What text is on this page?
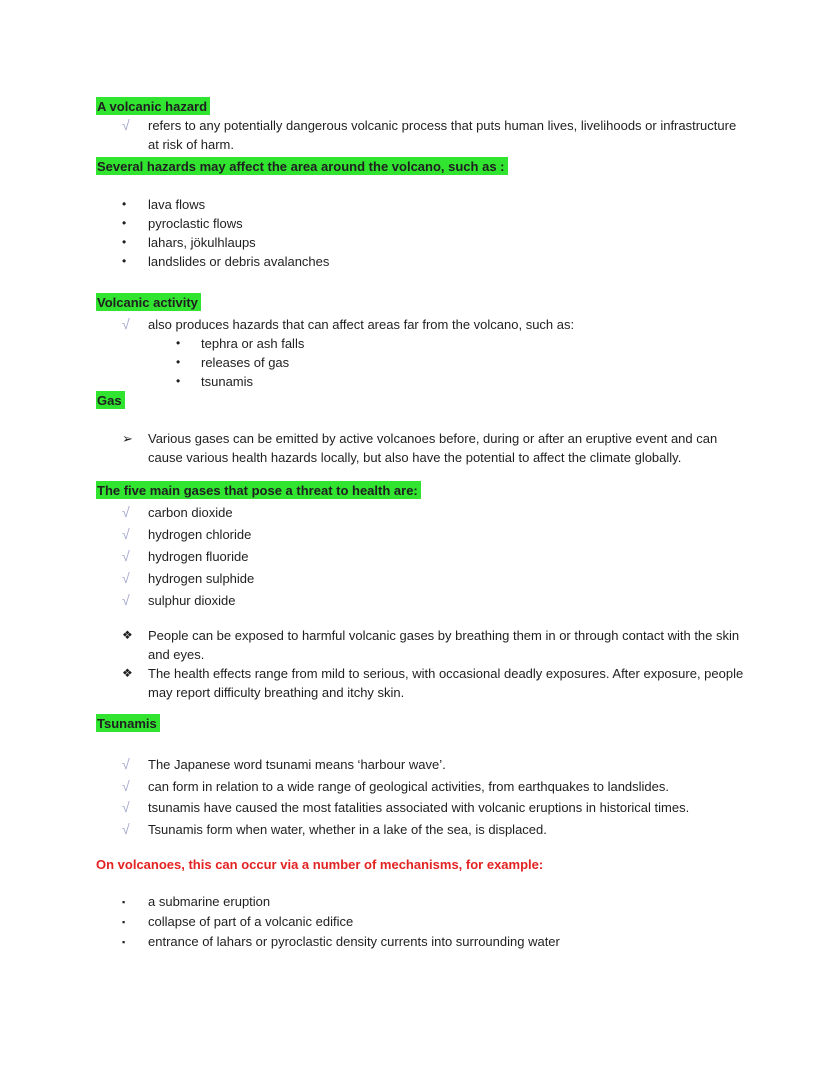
A volcanic hazard
√	refers to any potentially dangerous volcanic process that puts human lives, livelihoods or infrastructure at risk of harm.
Several hazards may affect the area around the volcano, such as :
•	lava flows
•	pyroclastic flows
•	lahars, jökulhlaups
•	landslides or debris avalanches
Volcanic activity
√	also produces hazards that can affect areas far from the volcano, such as:
•	tephra or ash falls
•	releases of gas
•	tsunamis
Gas
➢	Various gases can be emitted by active volcanoes before, during or after an eruptive event and can cause various health hazards locally, but also have the potential to affect the climate globally.
The five main gases that pose a threat to health are:
√	carbon dioxide
√	hydrogen chloride
√	hydrogen fluoride
√	hydrogen sulphide
√	sulphur dioxide
❖	People can be exposed to harmful volcanic gases by breathing them in or through contact with the skin and eyes.
❖	The health effects range from mild to serious, with occasional deadly exposures. After exposure, people may report difficulty breathing and itchy skin.
Tsunamis
√	The Japanese word tsunami means ‘harbour wave’.
√	can form in relation to a wide range of geological activities, from earthquakes to landslides.
√	tsunamis have caused the most fatalities associated with volcanic eruptions in historical times.
√	Tsunamis form when water, whether in a lake of the sea, is displaced.
On volcanoes, this can occur via a number of mechanisms, for example:
▪	a submarine eruption
▪	collapse of part of a volcanic edifice
▪	entrance of lahars or pyroclastic density currents into surrounding water
